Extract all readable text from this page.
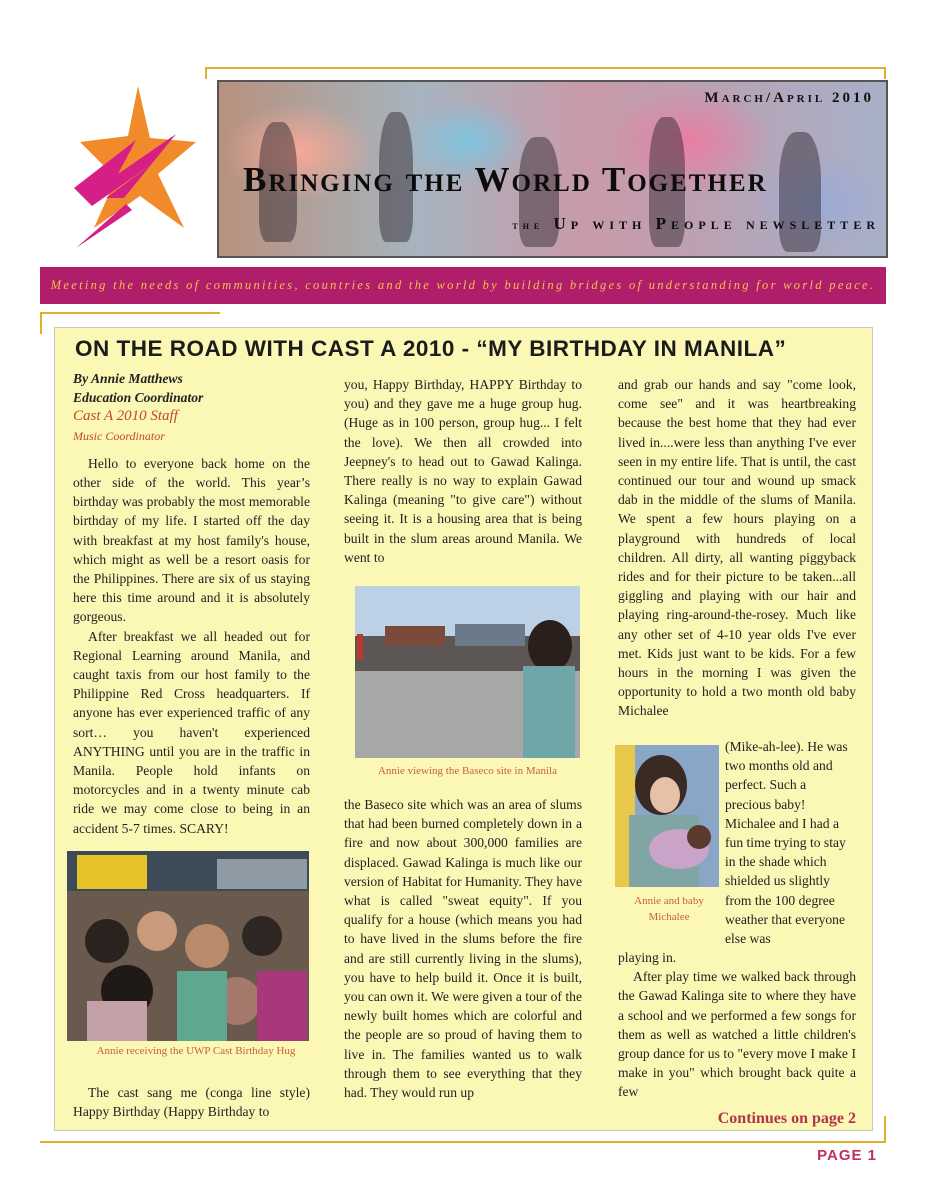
March/April 2010
Bringing the World Together
the Up with People newsletter
Meeting the needs of communities, countries and the world by building bridges of understanding for world peace.
ON THE ROAD WITH CAST A 2010 - “MY BIRTHDAY IN MANILA”
By Annie Matthews
Education Coordinator
Cast A 2010 Staff
Music Coordinator

Hello to everyone back home on the other side of the world. This year’s birthday was probably the most memorable birthday of my life. I started off the day with breakfast at my host family's house, which might as well be a resort oasis for the Philippines. There are six of us staying here this time around and it is absolutely gorgeous.

After breakfast we all headed out for Regional Learning around Manila, and caught taxis from our host family to the Philippine Red Cross headquarters. If anyone has ever experienced traffic of any sort… you haven't experienced ANYTHING until you are in the traffic in Manila. People hold infants on motorcycles and in a twenty minute cab ride we may come close to being in an accident 5-7 times. SCARY!

Annie receiving the UWP Cast Birthday Hug

The cast sang me (conga line style) Happy Birthday (Happy Birthday to

you, Happy Birthday, HAPPY Birthday to you) and they gave me a huge group hug. (Huge as in 100 person, group hug... I felt the love). We then all crowded into Jeepney's to head out to Gawad Kalinga. There really is no way to explain Gawad Kalinga (meaning "to give care") without seeing it. It is a housing area that is being built in the slum areas around Manila. We went to

Annie viewing the Baseco site in Manila

the Baseco site which was an area of slums that had been burned completely down in a fire and now about 300,000 families are displaced. Gawad Kalinga is much like our version of Habitat for Humanity. They have what is called "sweat equity". If you qualify for a house (which means you had to have lived in the slums before the fire and are still currently living in the slums), you have to help build it. Once it is built, you can own it. We were given a tour of the newly built homes which are colorful and the people are so proud of having them to live in. The families wanted us to walk through them to see everything that they had. They would run up

and grab our hands and say "come look, come see" and it was heartbreaking because the best home that they had ever lived in....were less than anything I've ever seen in my entire life. That is until, the cast continued our tour and wound up smack dab in the middle of the slums of Manila. We spent a few hours playing on a playground with hundreds of local children. All dirty, all wanting piggyback rides and for their picture to be taken...all giggling and playing with our hair and playing ring-around-the-rosey. Much like any other set of 4-10 year olds I've ever met. Kids just want to be kids. For a few hours in the morning I was given the opportunity to hold a two month old baby Michalee

Annie and baby Michalee

(Mike-ah-lee). He was two months old and perfect. Such a precious baby! Michalee and I had a fun time trying to stay in the shade which shielded us slightly from the 100 degree weather that everyone else was

playing in.

After play time we walked back through the Gawad Kalinga site to where they have a school and we performed a few songs for them as well as watched a little children's group dance for us to "every move I make I make in you" which brought back quite a few

Continues on page 2
PAGE 1
